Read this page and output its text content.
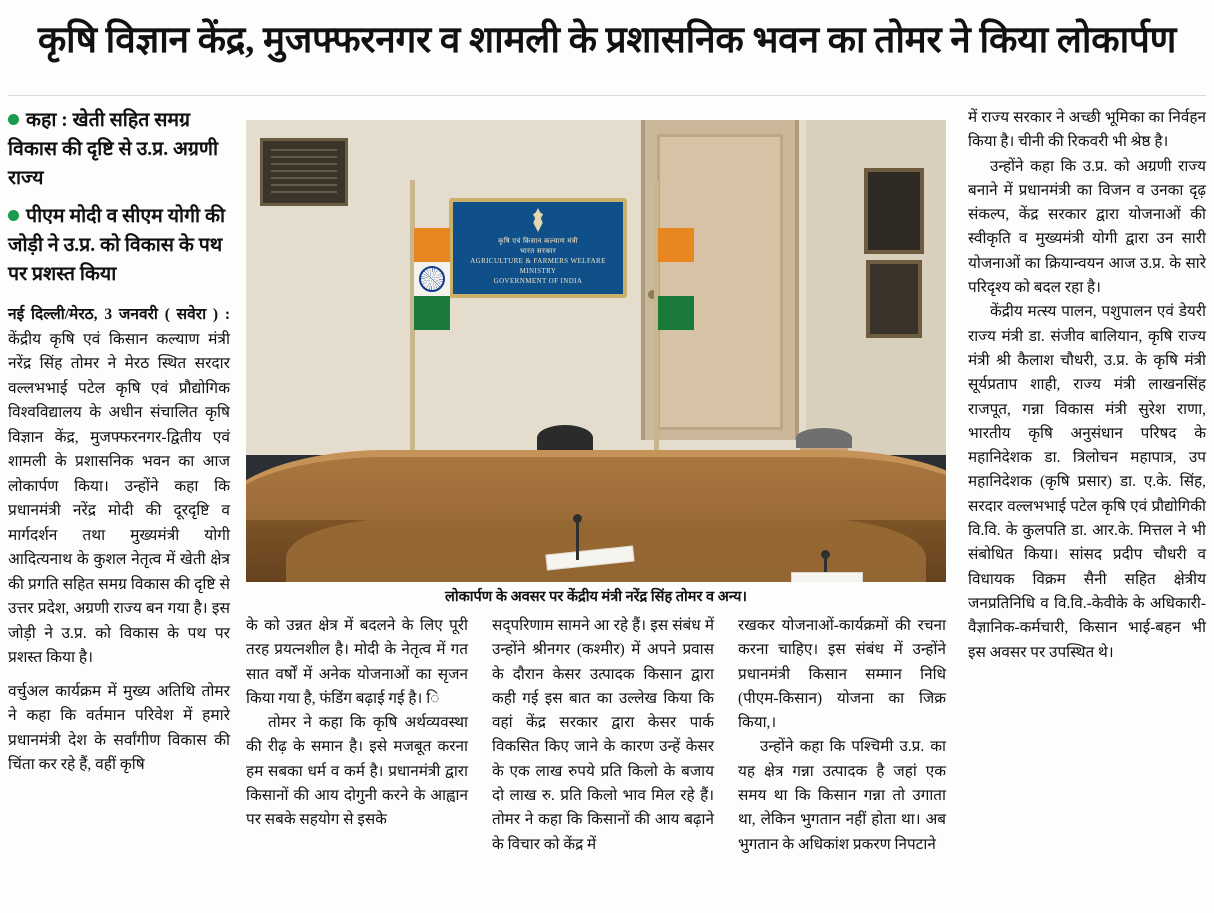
कृषि विज्ञान केंद्र, मुजफ्फरनगर व शामली के प्रशासनिक भवन का तोमर ने किया लोकार्पण
कहा : खेती सहित समग्र विकास की दृष्टि से उ.प्र. अग्रणी राज्य
पीएम मोदी व सीएम योगी की जोड़ी ने उ.प्र. को विकास के पथ पर प्रशस्त किया

नई दिल्ली/मेरठ, 3 जनवरी ( सवेरा ) : केंद्रीय कृषि एवं किसान कल्याण मंत्री नरेंद्र सिंह तोमर ने मेरठ स्थित सरदार वल्लभभाई पटेल कृषि एवं प्रौद्योगिक विश्वविद्यालय के अधीन संचालित कृषि विज्ञान केंद्र, मुजफ्फरनगर-द्वितीय एवं शामली के प्रशासनिक भवन का आज लोकार्पण किया। उन्होंने कहा कि प्रधानमंत्री नरेंद्र मोदी की दूरदृष्टि व मार्गदर्शन तथा मुख्यमंत्री योगी आदित्यनाथ के कुशल नेतृत्व में खेती क्षेत्र की प्रगति सहित समग्र विकास की दृष्टि से उत्तर प्रदेश, अग्रणी राज्य बन गया है। इस जोड़ी ने उ.प्र. को विकास के पथ पर प्रशस्त किया है।

वर्चुअल कार्यक्रम में मुख्य अतिथि तोमर ने कहा कि वर्तमान परिवेश में हमारे प्रधानमंत्री देश के सर्वांगीण विकास की चिंता कर रहे हैं, वहीं कृषि

कृषि एवं किसान कल्याण मंत्री
भारत सरकार
AGRICULTURE & FARMERS WELFARE MINISTRY
GOVERNMENT OF INDIA
लोकार्पण के अवसर पर केंद्रीय मंत्री नरेंद्र सिंह तोमर व अन्य।

के को उन्नत क्षेत्र में बदलने के लिए पूरी तरह प्रयत्नशील है। मोदी के नेतृत्व में गत सात वर्षों में अनेक योजनाओं का सृजन किया गया है, फंडिंग बढ़ाई गई है। ि

तोमर ने कहा कि कृषि अर्थव्यवस्था की रीढ़ के समान है। इसे मजबूत करना हम सबका धर्म व कर्म है। प्रधानमंत्री द्वारा किसानों की आय दोगुनी करने के आह्वान पर सबके सहयोग से इसके

सद्परिणाम सामने आ रहे हैं। इस संबंध में उन्होंने श्रीनगर (कश्मीर) में अपने प्रवास के दौरान केसर उत्पादक किसान द्वारा कही गई इस बात का उल्लेख किया कि वहां केंद्र सरकार द्वारा केसर पार्क विकसित किए जाने के कारण उन्हें केसर के एक लाख रुपये प्रति किलो के बजाय दो लाख रु. प्रति किलो भाव मिल रहे हैं। तोमर ने कहा कि किसानों की आय बढ़ाने के विचार को केंद्र में

रखकर योजनाओं-कार्यक्रमों की रचना करना चाहिए। इस संबंध में उन्होंने प्रधानमंत्री किसान सम्मान निधि (पीएम-किसान) योजना का जिक्र किया,।

उन्होंने कहा कि पश्चिमी उ.प्र. का यह क्षेत्र गन्ना उत्पादक है जहां एक समय था कि किसान गन्ना तो उगाता था, लेकिन भुगतान नहीं होता था। अब भुगतान के अधिकांश प्रकरण निपटाने

में राज्य सरकार ने अच्छी भूमिका का निर्वहन किया है। चीनी की रिकवरी भी श्रेष्ठ है।

उन्होंने कहा कि उ.प्र. को अग्रणी राज्य बनाने में प्रधानमंत्री का विजन व उनका दृढ़ संकल्प, केंद्र सरकार द्वारा योजनाओं की स्वीकृति व मुख्यमंत्री योगी द्वारा उन सारी योजनाओं का क्रियान्वयन आज उ.प्र. के सारे परिदृश्य को बदल रहा है।

केंद्रीय मत्स्य पालन, पशुपालन एवं डेयरी राज्य मंत्री डा. संजीव बालियान, कृषि राज्य मंत्री श्री कैलाश चौधरी, उ.प्र. के कृषि मंत्री सूर्यप्रताप शाही, राज्य मंत्री लाखनसिंह राजपूत, गन्ना विकास मंत्री सुरेश राणा, भारतीय कृषि अनुसंधान परिषद के महानिदेशक डा. त्रिलोचन महापात्र, उप महानिदेशक (कृषि प्रसार) डा. ए.के. सिंह, सरदार वल्लभभाई पटेल कृषि एवं प्रौद्योगिकी वि.वि. के कुलपति डा. आर.के. मित्तल ने भी संबोधित किया। सांसद प्रदीप चौधरी व विधायक विक्रम सैनी सहित क्षेत्रीय जनप्रतिनिधि व वि.वि.-केवीके के अधिकारी-वैज्ञानिक-कर्मचारी, किसान भाई-बहन भी इस अवसर पर उपस्थित थे।
